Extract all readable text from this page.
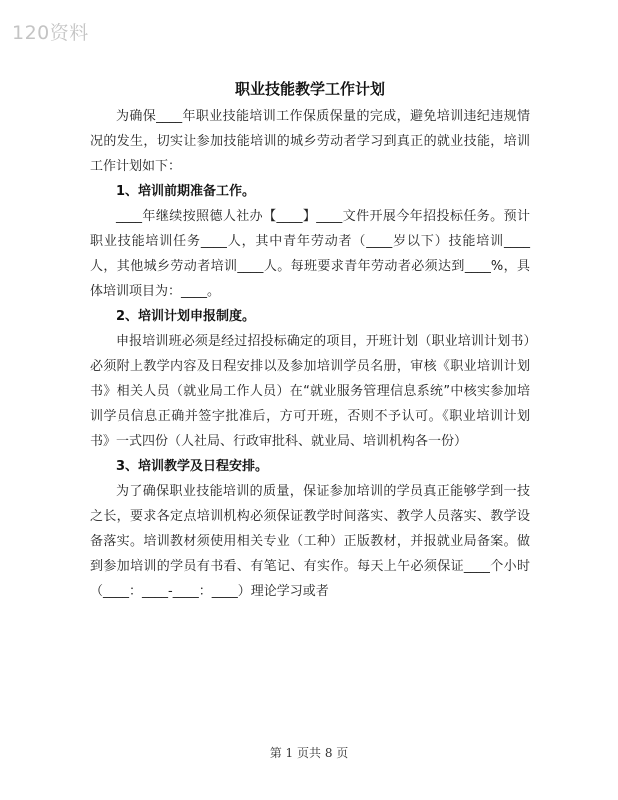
120资料
职业技能教学工作计划

为确保____年职业技能培训工作保质保量的完成，避免培训违纪违规情况的发生，切实让参加技能培训的城乡劳动者学习到真正的就业技能，培训工作计划如下：

1、培训前期准备工作。

____年继续按照德人社办【____】____文件开展今年招投标任务。预计职业技能培训任务____人，其中青年劳动者（____岁以下）技能培训____人，其他城乡劳动者培训____人。每班要求青年劳动者必须达到____%，具体培训项目为：____。

2、培训计划申报制度。

申报培训班必须是经过招投标确定的项目，开班计划（职业培训计划书）必须附上教学内容及日程安排以及参加培训学员名册，审核《职业培训计划书》相关人员（就业局工作人员）在“就业服务管理信息系统”中核实参加培训学员信息正确并签字批准后，方可开班，否则不予认可。《职业培训计划书》一式四份（人社局、行政审批科、就业局、培训机构各一份）

3、培训教学及日程安排。

为了确保职业技能培训的质量，保证参加培训的学员真正能够学到一技之长，要求各定点培训机构必须保证教学时间落实、教学人员落实、教学设备落实。培训教材须使用相关专业（工种）正版教材，并报就业局备案。做到参加培训的学员有书看、有笔记、有实作。每天上午必须保证____个小时（____：____-____：____）理论学习或者

第 1 页共 8 页
